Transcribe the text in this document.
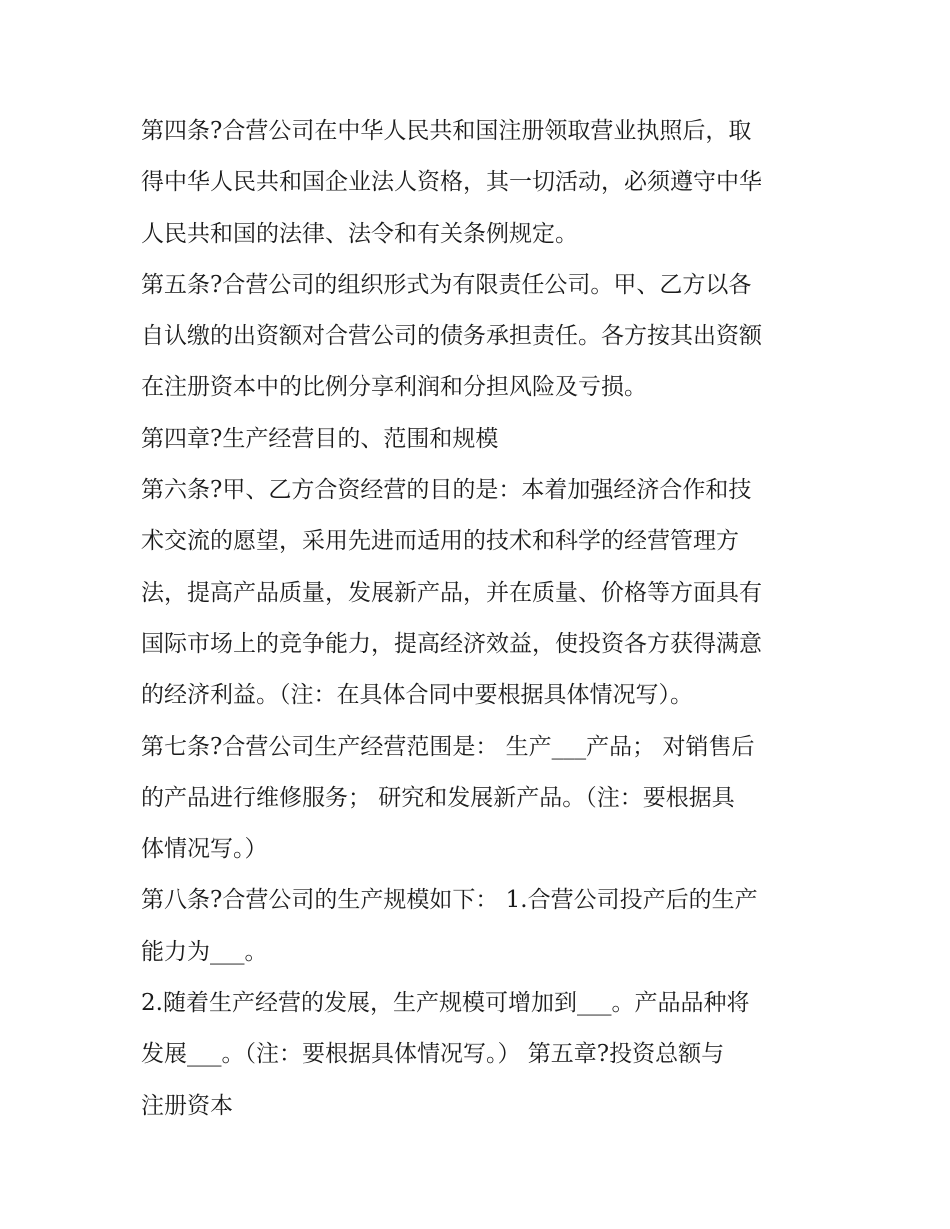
第四条?合营公司在中华人民共和国注册领取营业执照后，取
得中华人民共和国企业法人资格，其一切活动，必须遵守中华
人民共和国的法律、法令和有关条例规定。
第五条?合营公司的组织形式为有限责任公司。甲、乙方以各
自认缴的出资额对合营公司的债务承担责任。各方按其出资额
在注册资本中的比例分享利润和分担风险及亏损。
第四章?生产经营目的、范围和规模
第六条?甲、乙方合资经营的目的是：本着加强经济合作和技
术交流的愿望，采用先进而适用的技术和科学的经营管理方
法，提高产品质量，发展新产品，并在质量、价格等方面具有
国际市场上的竞争能力，提高经济效益，使投资各方获得满意
的经济利益。（注：在具体合同中要根据具体情况写）。
第七条?合营公司生产经营范围是： 生产___产品； 对销售后
的产品进行维修服务； 研究和发展新产品。（注：要根据具
体情况写。）
第八条?合营公司的生产规模如下： 1.合营公司投产后的生产
能力为___。
2.随着生产经营的发展，生产规模可增加到___。产品品种将
发展___。（注：要根据具体情况写。） 第五章?投资总额与
注册资本
